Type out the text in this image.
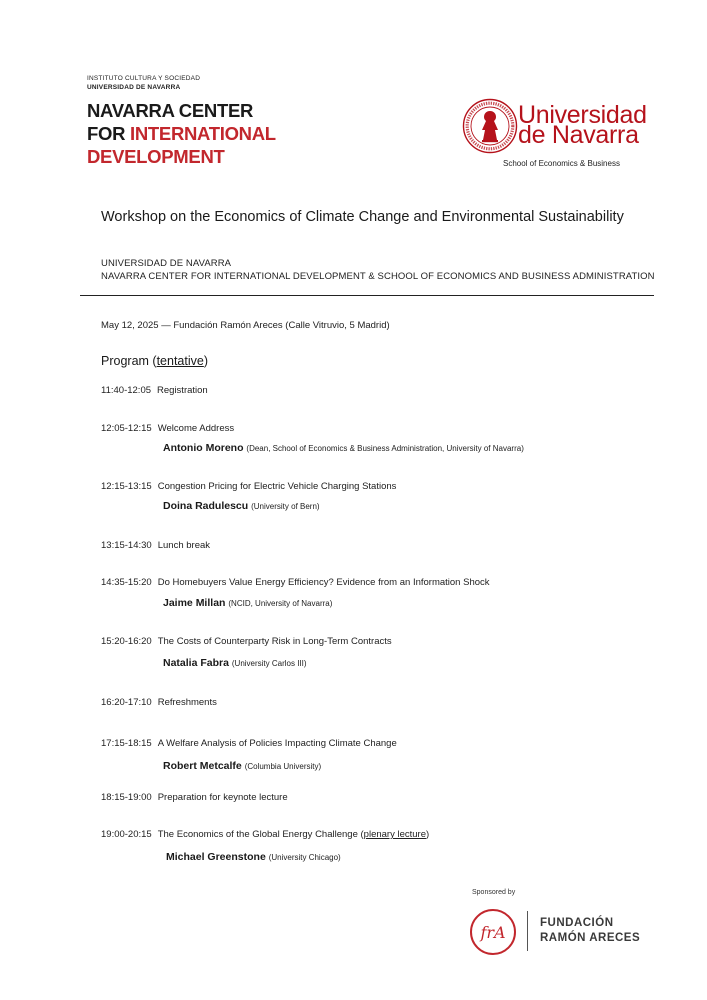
INSTITUTO CULTURA Y SOCIEDAD
UNIVERSIDAD DE NAVARRA
NAVARRA CENTER
FOR INTERNATIONAL
DEVELOPMENT
Universidad
de Navarra
School of Economics & Business
Workshop on the Economics of Climate Change and Environmental Sustainability
UNIVERSIDAD DE NAVARRA
NAVARRA CENTER FOR INTERNATIONAL DEVELOPMENT & SCHOOL OF ECONOMICS AND BUSINESS ADMINISTRATION
May 12, 2025 — Fundación Ramón Areces (Calle Vitruvio, 5 Madrid)
Program (tentative)
11:40-12:05 Registration
12:05-12:15 Welcome Address
Antonio Moreno (Dean, School of Economics & Business Administration, University of Navarra)
12:15-13:15 Congestion Pricing for Electric Vehicle Charging Stations
Doina Radulescu (University of Bern)
13:15-14:30 Lunch break
14:35-15:20 Do Homebuyers Value Energy Efficiency? Evidence from an Information Shock
Jaime Millan (NCID, University of Navarra)
15:20-16:20 The Costs of Counterparty Risk in Long-Term Contracts
Natalia Fabra (University Carlos III)
16:20-17:10 Refreshments
17:15-18:15 A Welfare Analysis of Policies Impacting Climate Change
Robert Metcalfe (Columbia University)
18:15-19:00 Preparation for keynote lecture
19:00-20:15 The Economics of the Global Energy Challenge (plenary lecture)
Michael Greenstone (University Chicago)
Sponsored by
frA	FUNDACIÓN
RAMÓN ARECES
